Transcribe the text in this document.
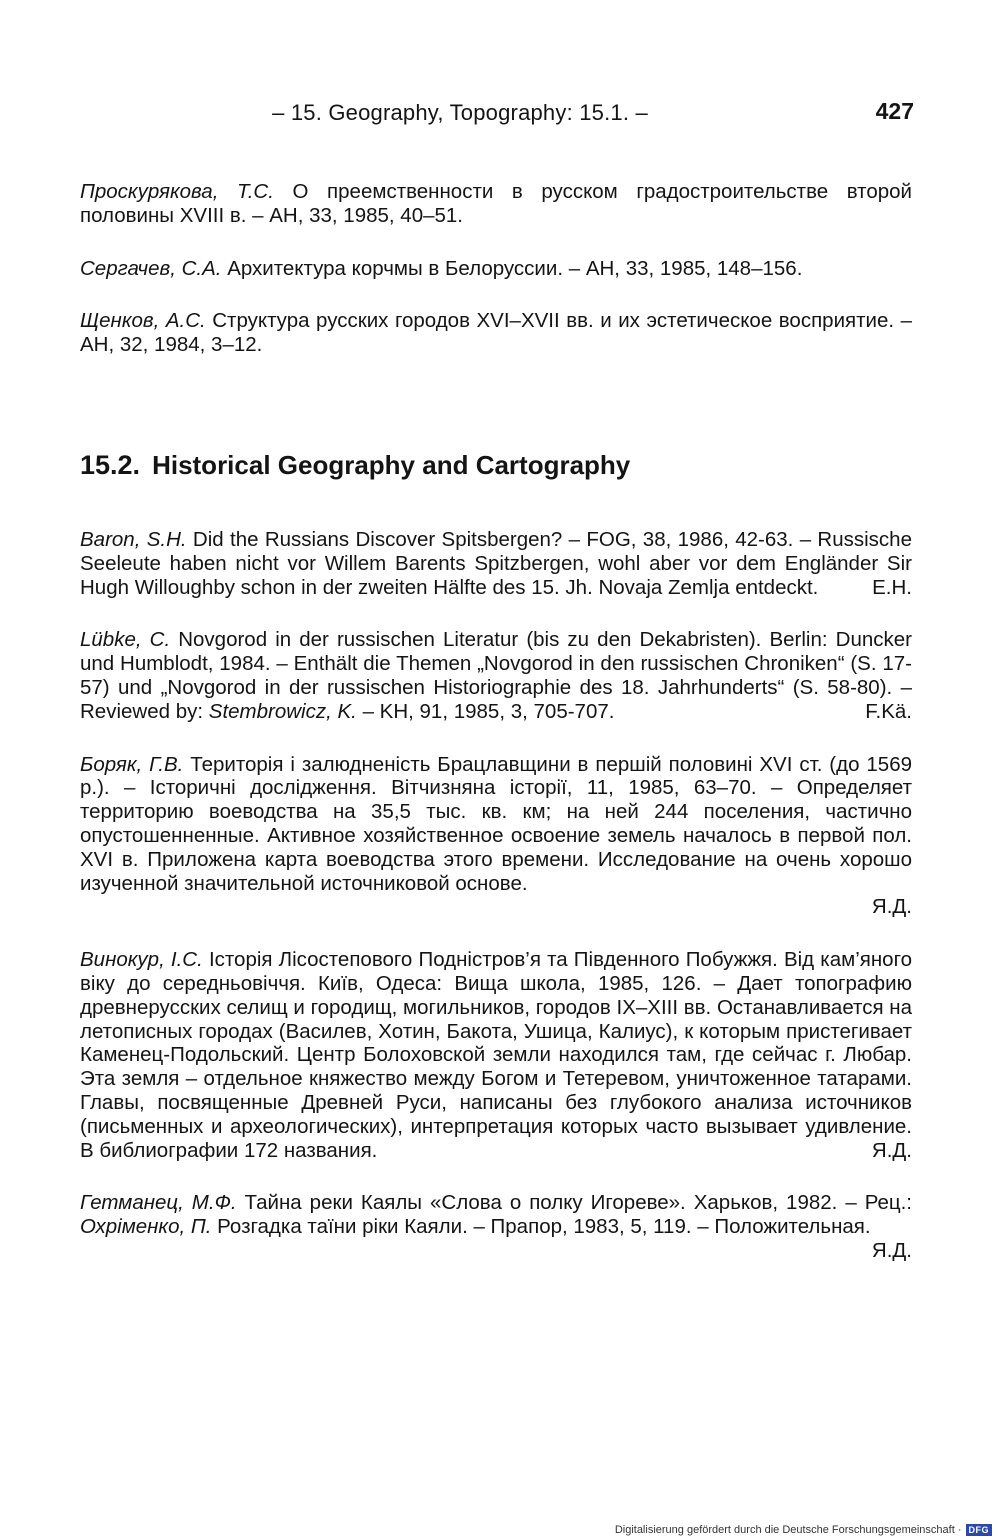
– 15. Geography, Topography: 15.1. –	427

Проскурякова, Т.С. О преемственности в русском градостроительстве второй половины XVIII в. – АН, 33, 1985, 40–51.

Сергачев, С.А. Архитектура корчмы в Белоруссии. – АН, 33, 1985, 148–156.

Щенков, А.С. Структура русских городов XVI–XVII вв. и их эстетическое восприятие. – АН, 32, 1984, 3–12.

15.2. Historical Geography and Cartography

Baron, S.H. Did the Russians Discover Spitsbergen? – FOG, 38, 1986, 42-63. – Russische Seeleute haben nicht vor Willem Barents Spitzbergen, wohl aber vor dem Engländer Sir Hugh Willoughby schon in der zweiten Hälfte des 15. Jh. Novaja Zemlja entdeckt.	E.H.

Lübke, C. Novgorod in der russischen Literatur (bis zu den Dekabristen). Berlin: Duncker und Humblodt, 1984. – Enthält die Themen „Novgorod in den russischen Chroniken“ (S. 17-57) und „Novgorod in der russischen Historiographie des 18. Jahrhunderts“ (S. 58-80). – Reviewed by: Stembrowicz, K. – KH, 91, 1985, 3, 705-707.	F.Kä.

Боряк, Г.В. Територія і залюдненість Брацлавщини в першій половині XVI ст. (до 1569 р.). – Історичні дослідження. Вітчизняна історії, 11, 1985, 63–70. – Определяет территорию воеводства на 35,5 тыс. кв. км; на ней 244 поселения, частично опустошенненные. Активное хозяйственное освоение земель началось в первой пол. XVI в. Приложена карта воеводства этого времени. Исследование на очень хорошо изученной значительной источниковой основе.
Я.Д.

Винокур, І.С. Історія Лісостепового Подністров’я та Південного Побужжя. Від кам’яного віку до середньовіччя. Київ, Одеса: Вища школа, 1985, 126. – Дает топографию древнерусских селищ и городищ, могильников, городов IX–XIII вв. Останавливается на летописных городах (Василев, Хотин, Бакота, Ушица, Калиус), к которым пристегивает Каменец-Подольский. Центр Болоховской земли находился там, где сейчас г. Любар. Эта земля – отдельное княжество между Богом и Тетеревом, уничтоженное татарами. Главы, посвященные Древней Руси, написаны без глубокого анализа источников (письменных и археологических), интерпретация которых часто вызывает удивление. В библиографии 172 названия.	Я.Д.

Гетманец, М.Ф. Тайна реки Каялы «Слова о полку Игореве». Харьков, 1982. – Рец.: Охріменко, П. Розгадка таїни ріки Каяли. – Прапор, 1983, 5, 119. – Положительная.
Я.Д.

Digitalisierung gefördert durch die Deutsche Forschungsgemeinschaft · DFG
